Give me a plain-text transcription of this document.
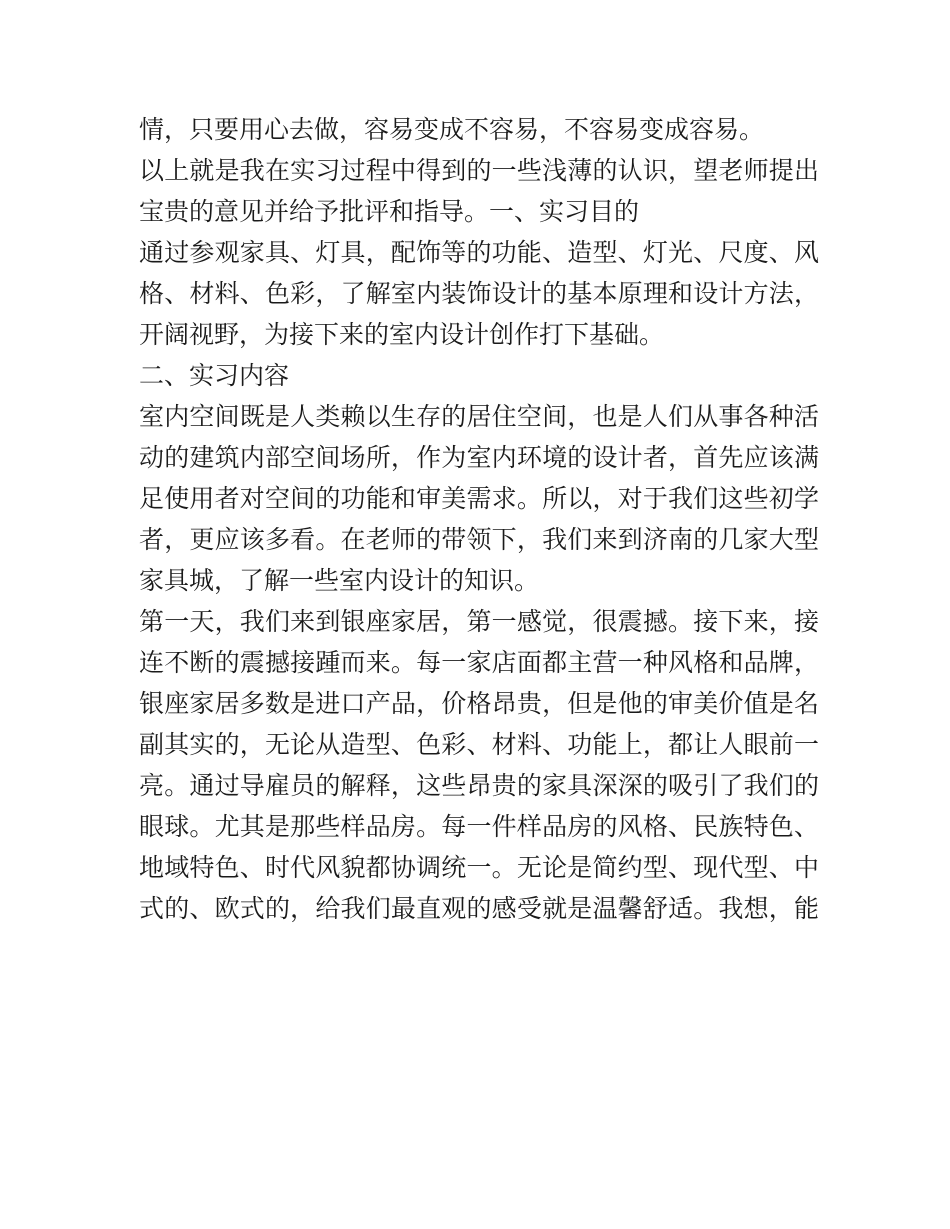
情，只要用心去做，容易变成不容易，不容易变成容易。
以上就是我在实习过程中得到的一些浅薄的认识，望老师提出
宝贵的意见并给予批评和指导。一、实习目的
通过参观家具、灯具，配饰等的功能、造型、灯光、尺度、风
格、材料、色彩，了解室内装饰设计的基本原理和设计方法，
开阔视野，为接下来的室内设计创作打下基础。
二、实习内容
室内空间既是人类赖以生存的居住空间，也是人们从事各种活
动的建筑内部空间场所，作为室内环境的设计者，首先应该满
足使用者对空间的功能和审美需求。所以，对于我们这些初学
者，更应该多看。在老师的带领下，我们来到济南的几家大型
家具城，了解一些室内设计的知识。
第一天，我们来到银座家居，第一感觉，很震撼。接下来，接
连不断的震撼接踵而来。每一家店面都主营一种风格和品牌，
银座家居多数是进口产品，价格昂贵，但是他的审美价值是名
副其实的，无论从造型、色彩、材料、功能上，都让人眼前一
亮。通过导雇员的解释，这些昂贵的家具深深的吸引了我们的
眼球。尤其是那些样品房。每一件样品房的风格、民族特色、
地域特色、时代风貌都协调统一。无论是简约型、现代型、中
式的、欧式的，给我们最直观的感受就是温馨舒适。我想，能
